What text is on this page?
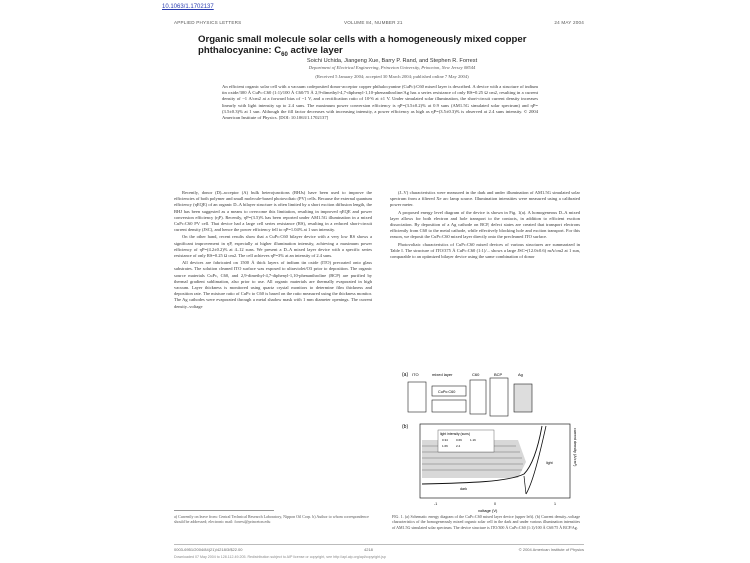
10.1063/1.1702137
APPLIED PHYSICS LETTERS	VOLUME 84, NUMBER 21	24 MAY 2004
Organic small molecule solar cells with a homogeneously mixed copper phthalocyanine: $C_{60}$ active layer
Soichi Uchida, Jiangeng Xue, Barry P. Rand, and Stephen R. Forrest
Department of Electrical Engineering, Princeton University, Princeton, New Jersey 08544
(Received 5 January 2004; accepted 30 March 2004; published online 7 May 2004)
An efficient organic solar cell with a vacuum codeposited donor-acceptor copper phthalocyanine (CuPc):C60 mixed layer is described. A device with a structure of indium tin oxide/300 Å CuPc:C60 (1:1)/100 Å C60/75 Å 2,9-dimethyl-4,7-diphenyl-1,10-phenanthroline/Ag has a series resistance of only RS=0.25 Ω cm2, resulting in a current density of ~1 A/cm2 at a forward bias of ~1 V, and a rectification ratio of 10^6 at ±1 V. Under simulated solar illumination, the short-circuit current density increases linearly with light intensity up to 2.4 suns. The maximum power conversion efficiency is ηP=(3.5±0.2)% at 0.9 suns (AM1.5G simulated solar spectrum) and ηP=(3.5±0.3)% at 1 sun. Although the fill factor decreases with increasing intensity, a power efficiency as high as ηP=(3.5±0.3)% is observed at 2.4 suns intensity. © 2004 American Institute of Physics. [DOI: 10.1063/1.1702137]

Recently, donor (D)–acceptor (A) bulk heterojunctions (BHJs) have been used to improve the efficiencies of both polymer and small molecule-based photovoltaic (PV) cells. Because the external quantum efficiency (ηEQE) of an organic D–A bilayer structure is often limited by a short exciton diffusion length, the BHJ has been suggested as a means to overcome this limitation, resulting in improved ηEQE and power conversion efficiency (ηP). Recently, ηP=(3.5)% has been reported under AM1.5G illumination in a mixed CuPc:C60 PV cell. That device had a large cell series resistance (RS), resulting in a reduced short-circuit current density (JSC), and hence the power efficiency fell to ηP=1.04% at 1 sun intensity.

On the other hand, recent results show that a CuPc:C60 bilayer device with a very low RS shows a significant improvement in ηP, especially at higher illumination intensity, achieving a maximum power efficiency of ηP=(4.2±0.2)% at 4–12 suns. We present a D–A mixed layer device with a specific series resistance of only RS=0.25 Ω cm2. The cell achieves ηP=3% at an intensity of 2.4 suns.

All devices are fabricated on 1500 Å thick layers of indium tin oxide (ITO) precoated onto glass substrates. The solution cleaned ITO surface was exposed to ultraviolet/O3 prior to deposition. The organic source materials CuPc, C60, and 2,9-dimethyl-4,7-diphenyl-1,10-phenanthroline (BCP) are purified by thermal gradient sublimation, also prior to use. All organic materials are thermally evaporated in high vacuum. Layer thickness is monitored using quartz crystal monitors to determine film thickness and deposition rate. The mixture ratio of CuPc to C60 is based on the ratio measured using the thickness monitor. The Ag cathodes were evaporated through a metal shadow mask with 1 mm diameter openings. The current density–voltage

(J–V) characteristics were measured in the dark and under illumination of AM1.5G simulated solar spectrum from a filtered Xe arc lamp source. Illumination intensities were measured using a calibrated power meter.

A proposed energy level diagram of the device is shown in Fig. 1(a). A homogeneous D–A mixed layer allows for both electron and hole transport to the contacts, in addition to efficient exciton dissociation. By deposition of a Ag cathode on BCP, defect states are created that transport electrons efficiently from C60 to the metal cathode, while effectively blocking hole and exciton transport. For this reason, we deposit the CuPc:C60 mixed layer directly onto the precleaned ITO surface.

Photovoltaic characteristics of CuPc:C60 mixed devices of various structures are summarized in Table I. The structure of ITO/375 Å CuPc:C60 (1:1)/... shows a large JSC=(12.0±0.6) mA/cm2 at 1 sun, comparable to an optimized bilayer device using the same combination of donor

(a) ITO	mixed layer	C60	BCP	Ag
CuPc:C60
(b)
light intensity (suns)
0.34	0.69	1.16
1.66	2.4
dark
light
-1	0	1
voltage (V)
current density (A/cm²)
FIG. 1. (a) Schematic energy diagram of the CuPc:C60 mixed layer device (upper left). (b) Current density–voltage characteristics of the homogeneously mixed organic solar cell in the dark and under various illumination intensities of AM1.5G simulated solar spectrum. The device structure is ITO/300 Å CuPc:C60 (1:1)/100 Å C60/75 Å BCP/Ag.
a) Currently on leave from: Central Technical Research Laboratory, Nippon Oil Corp. b) Author to whom correspondence should be addressed; electronic mail: forrest@princeton.edu
0003-6951/2004/84(21)/4218/3/$22.00	4218	© 2004 American Institute of Physics
Downloaded 07 May 2004 to 128.112.49.205. Redistribution subject to AIP license or copyright, see http://apl.aip.org/apl/copyright.jsp
